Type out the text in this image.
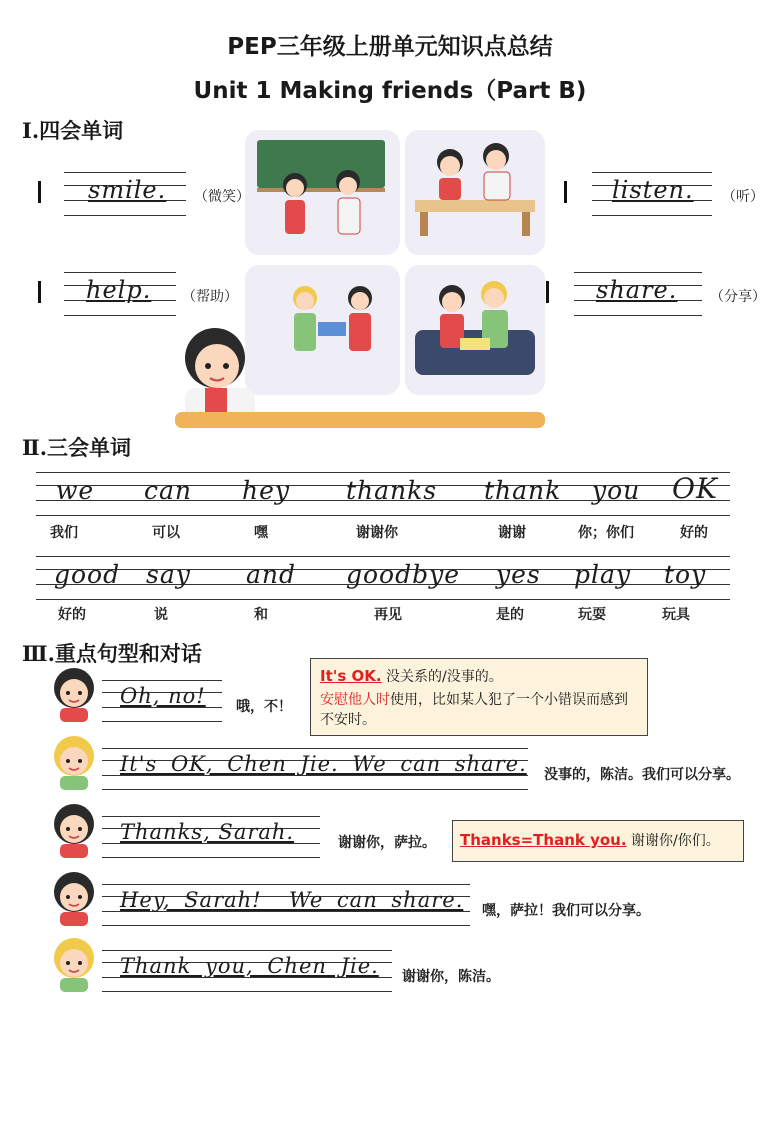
PEP三年级上册单元知识点总结
Unit 1 Making friends（Part B)
Ⅰ.四会单词
smile. （微笑）	listen. （听）
help. （帮助）	share. （分享）
Ⅱ.三会单词
we can hey thanks thank you OK
我们	可以	嘿	谢谢你	谢谢	你；你们	好的
good say and goodbye yes play toy
好的	说	和	再见	是的	玩耍	玩具
Ⅲ.重点句型和对话
Oh, no! 哦，不！
It's OK. 没关系的/没事的。
安慰他人时使用，比如某人犯了一个小错误而感到不安时。
It's OK, Chen Jie. We can share. 没事的，陈洁。我们可以分享。
Thanks, Sarah.	谢谢你，萨拉。 Thanks=Thank you. 谢谢你/你们。
Hey, Sarah!  We can share. 嘿，萨拉！我们可以分享。
Thank you, Chen Jie. 谢谢你，陈洁。
